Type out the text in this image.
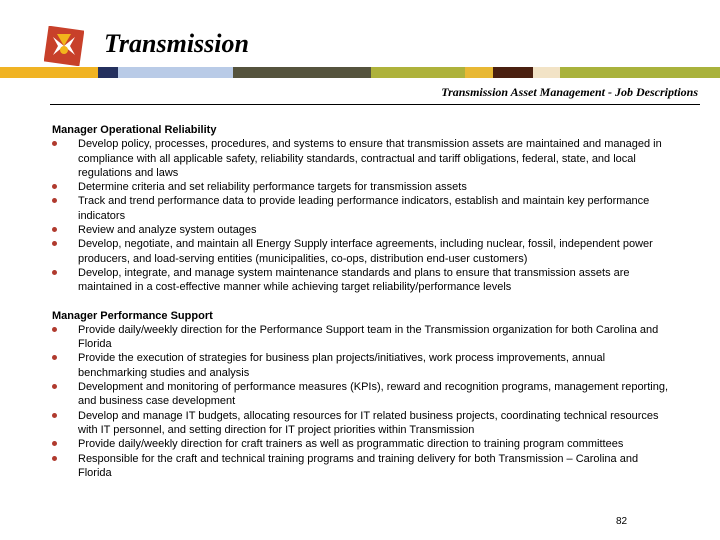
Transmission

Transmission Asset Management - Job Descriptions

Manager Operational Reliability
Develop policy, processes, procedures, and systems to ensure that transmission assets are maintained and managed in compliance with all applicable safety, reliability standards, contractual and tariff obligations, federal, state, and local regulations and laws
Determine criteria and set reliability performance targets for transmission assets
Track and trend performance data to provide leading performance indicators, establish and maintain key performance indicators
Review and analyze system outages
Develop, negotiate, and maintain all Energy Supply interface agreements, including nuclear, fossil, independent power producers, and load-serving entities (municipalities, co-ops, distribution end-user customers)
Develop, integrate, and manage system maintenance standards and plans to ensure that transmission assets are maintained in a cost-effective manner while achieving target reliability/performance levels
Manager Performance Support
Provide daily/weekly direction for the Performance Support team in the Transmission organization for both Carolina and Florida
Provide the execution of strategies for business plan projects/initiatives, work process improvements, annual benchmarking studies and analysis
Development and monitoring of performance measures (KPIs), reward and recognition programs, management reporting, and business case development
Develop and manage IT budgets, allocating resources for IT related business projects, coordinating technical resources with IT personnel, and setting direction for IT project priorities within Transmission
Provide daily/weekly direction for craft trainers as well as programmatic direction to training program committees
Responsible for the craft and technical training programs and training delivery for both Transmission – Carolina and Florida

82
